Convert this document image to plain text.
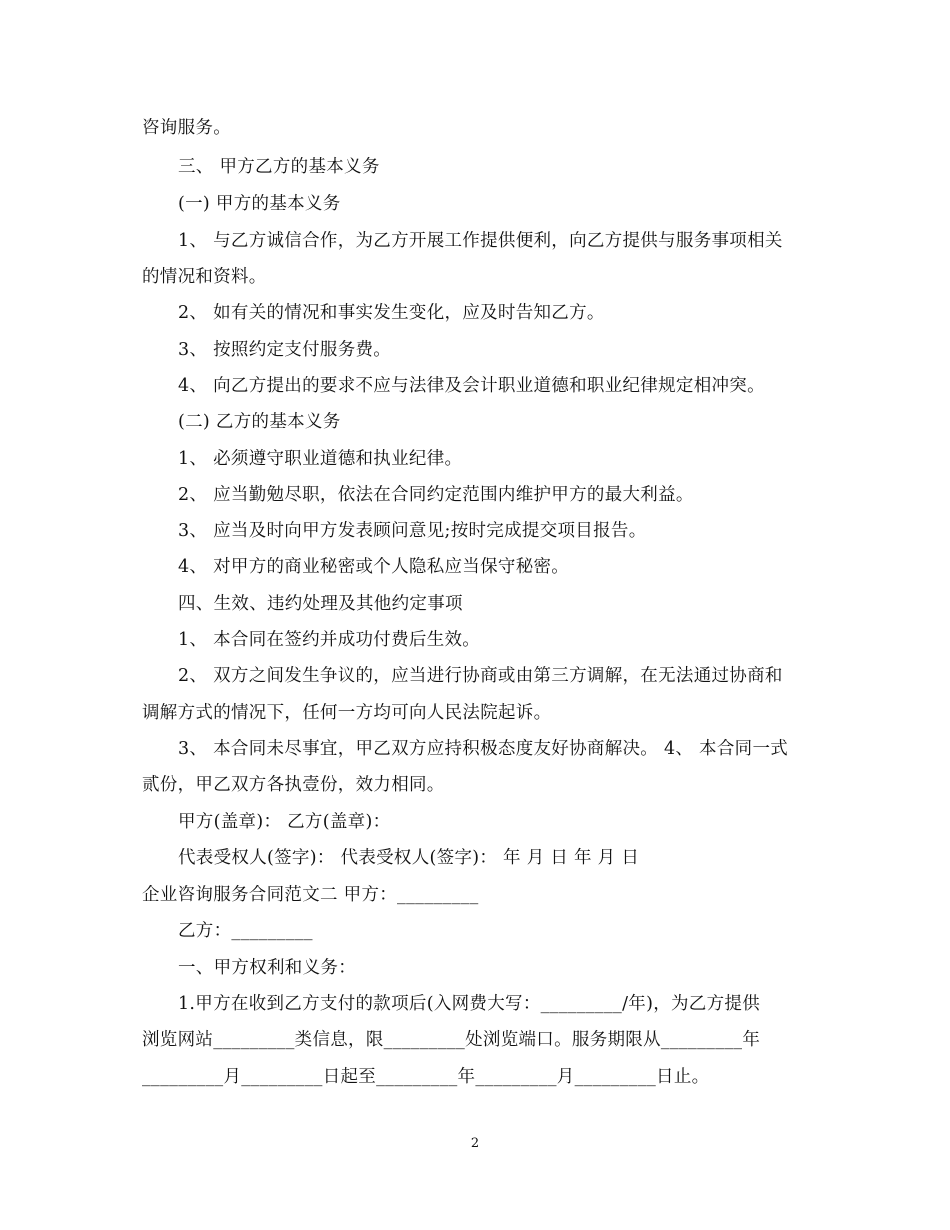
咨询服务。
三、 甲方乙方的基本义务
(一) 甲方的基本义务
1、 与乙方诚信合作，为乙方开展工作提供便利，向乙方提供与服务事项相关
的情况和资料。
2、 如有关的情况和事实发生变化，应及时告知乙方。
3、 按照约定支付服务费。
4、 向乙方提出的要求不应与法律及会计职业道德和职业纪律规定相冲突。
(二) 乙方的基本义务
1、 必须遵守职业道德和执业纪律。
2、 应当勤勉尽职，依法在合同约定范围内维护甲方的最大利益。
3、 应当及时向甲方发表顾问意见;按时完成提交项目报告。
4、 对甲方的商业秘密或个人隐私应当保守秘密。
四、生效、违约处理及其他约定事项
1、 本合同在签约并成功付费后生效。
2、 双方之间发生争议的，应当进行协商或由第三方调解，在无法通过协商和
调解方式的情况下，任何一方均可向人民法院起诉。
3、 本合同未尽事宜，甲乙双方应持积极态度友好协商解决。 4、 本合同一式
贰份，甲乙双方各执壹份，效力相同。
甲方(盖章)： 乙方(盖章)：
代表受权人(签字)： 代表受权人(签字)： 年 月 日 年 月 日
企业咨询服务合同范文二 甲方：_________
乙方：_________
一、甲方权利和义务：
1.甲方在收到乙方支付的款项后(入网费大写：_________/年)，为乙方提供
浏览网站_________类信息，限_________处浏览端口。服务期限从_________年
_________月_________日起至_________年_________月_________日止。
2
